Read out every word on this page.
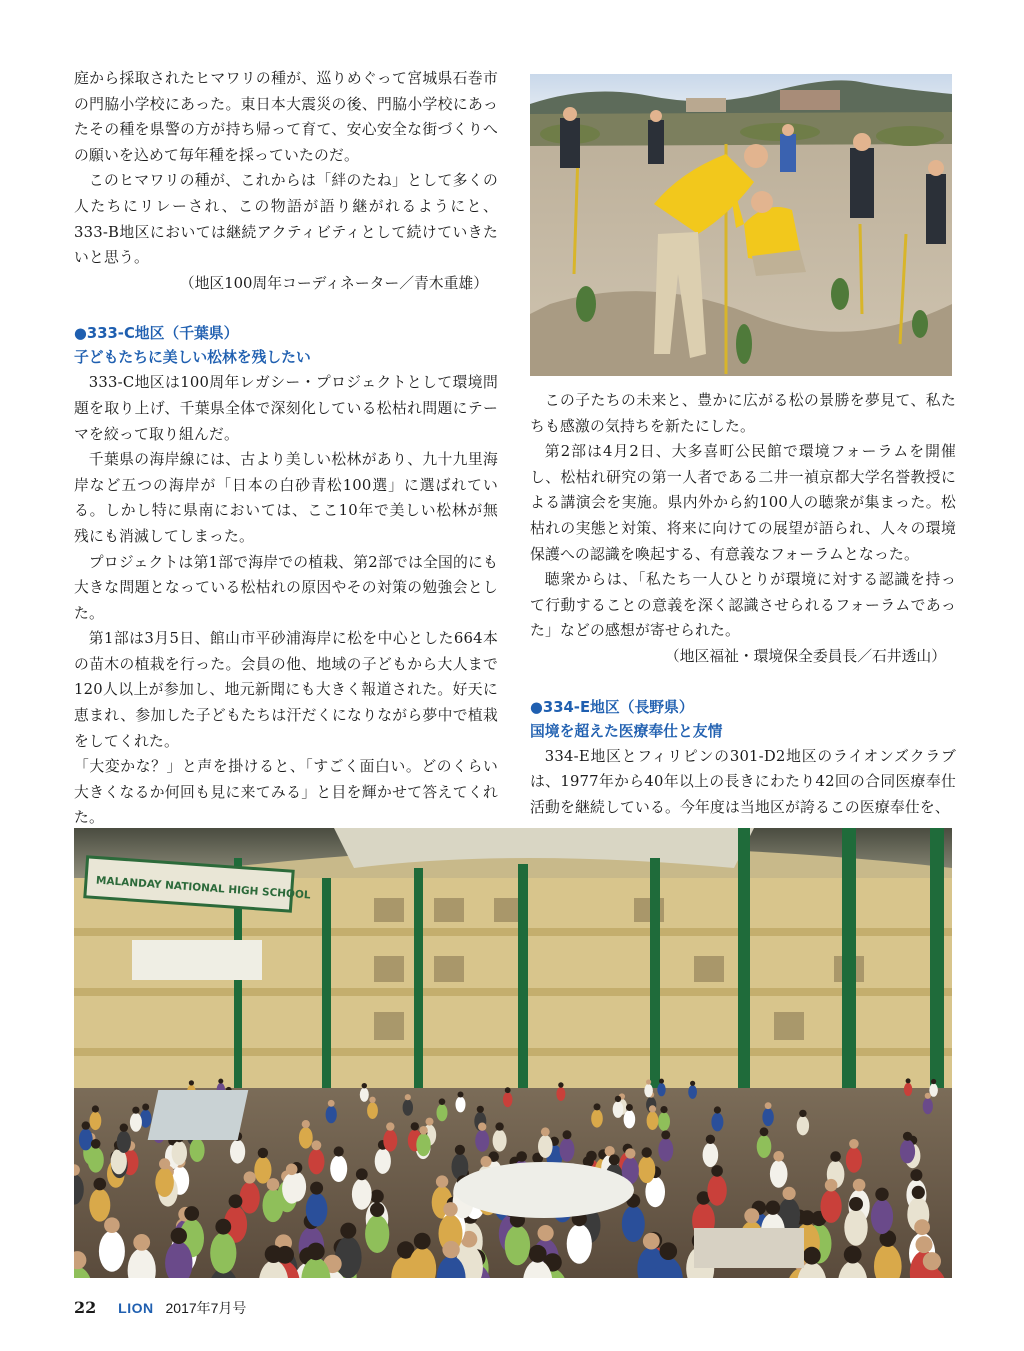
庭から採取されたヒマワリの種が、巡りめぐって宮城県石巻市の門脇小学校にあった。東日本大震災の後、門脇小学校にあったその種を県警の方が持ち帰って育て、安心安全な街づくりへの願いを込めて毎年種を採っていたのだ。

このヒマワリの種が、これからは「絆のたね」として多くの人たちにリレーされ、この物語が語り継がれるようにと、333-B地区においては継続アクティビティとして続けていきたいと思う。

（地区100周年コーディネーター／青木重雄）

●333-C地区（千葉県）

子どもたちに美しい松林を残したい

333-C地区は100周年レガシー・プロジェクトとして環境問題を取り上げ、千葉県全体で深刻化している松枯れ問題にテーマを絞って取り組んだ。

千葉県の海岸線には、古より美しい松林があり、九十九里海岸など五つの海岸が「日本の白砂青松100選」に選ばれている。しかし特に県南においては、ここ10年で美しい松林が無残にも消滅してしまった。

プロジェクトは第1部で海岸での植栽、第2部では全国的にも大きな問題となっている松枯れの原因やその対策の勉強会とした。

第1部は3月5日、館山市平砂浦海岸に松を中心とした664本の苗木の植栽を行った。会員の他、地域の子どもから大人まで120人以上が参加し、地元新聞にも大きく報道された。好天に恵まれ、参加した子どもたちは汗だくになりながら夢中で植栽をしてくれた。

「大変かな？」と声を掛けると、「すごく面白い。どのくらい大きくなるか何回も見に来てみる」と目を輝かせて答えてくれた。

この子たちの未来と、豊かに広がる松の景勝を夢見て、私たちも感激の気持ちを新たにした。

第2部は4月2日、大多喜町公民館で環境フォーラムを開催し、松枯れ研究の第一人者である二井一禎京都大学名誉教授による講演会を実施。県内外から約100人の聴衆が集まった。松枯れの実態と対策、将来に向けての展望が語られ、人々の環境保護への認識を喚起する、有意義なフォーラムとなった。

聴衆からは、「私たち一人ひとりが環境に対する認識を持って行動することの意義を深く認識させられるフォーラムであった」などの感想が寄せられた。

（地区福祉・環境保全委員長／石井透山）

●334-E地区（長野県）

国境を超えた医療奉仕と友情

334-E地区とフィリピンの301-D2地区のライオンズクラブは、1977年から40年以上の長きにわたり42回の合同医療奉仕活動を継続している。今年度は当地区が誇るこの医療奉仕を、

MALANDAY NATIONAL HIGH SCHOOL
22 LION 2017年7月号
